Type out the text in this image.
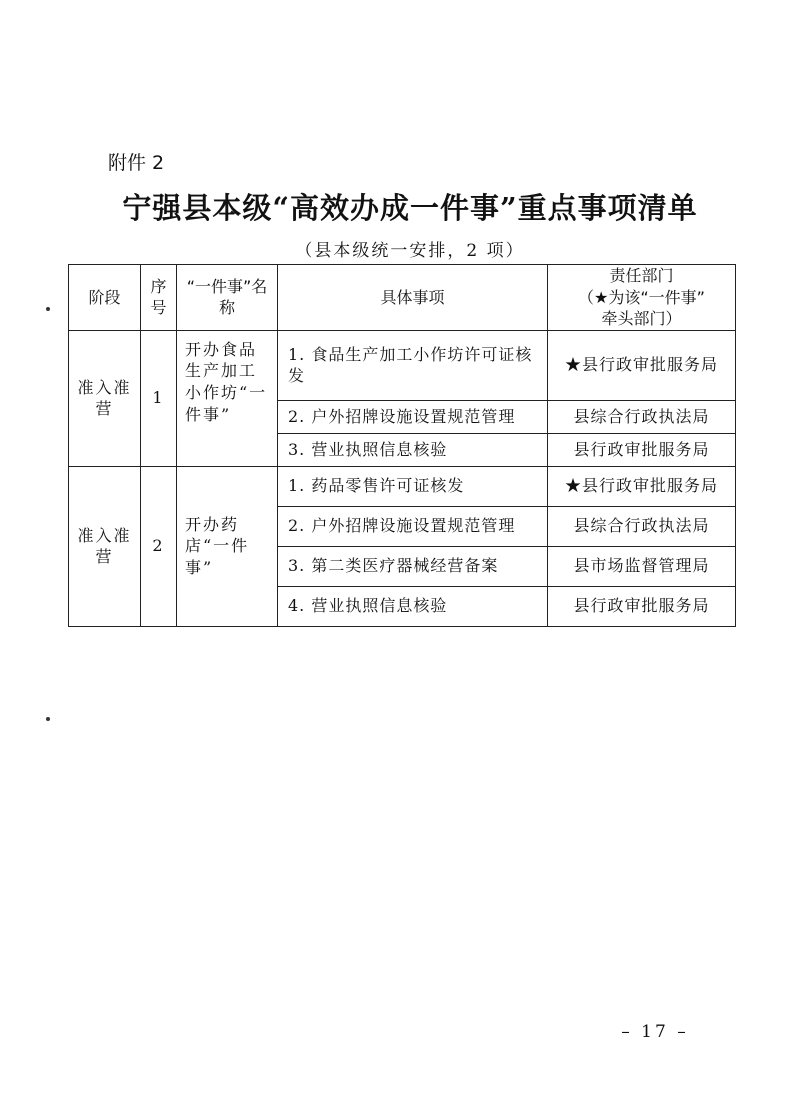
附件 2
宁强县本级“高效办成一件事”重点事项清单
（县本级统一安排，2 项）
阶段	序号	“一件事”名称	具体事项	责任部门
（★为该“一件事”
牵头部门）

准入准营	1	开办食品生产加工小作坊“一件事”	1. 食品生产加工小作坊许可证核发	★县行政审批服务局
			2. 户外招牌设施设置规范管理	县综合行政执法局
			3. 营业执照信息核验	县行政审批服务局
准入准营	2	开办药店“一件事”	1. 药品零售许可证核发	★县行政审批服务局
			2. 户外招牌设施设置规范管理	县综合行政执法局
			3. 第二类医疗器械经营备案	县市场监督管理局
			4. 营业执照信息核验	县行政审批服务局
– 17 –
